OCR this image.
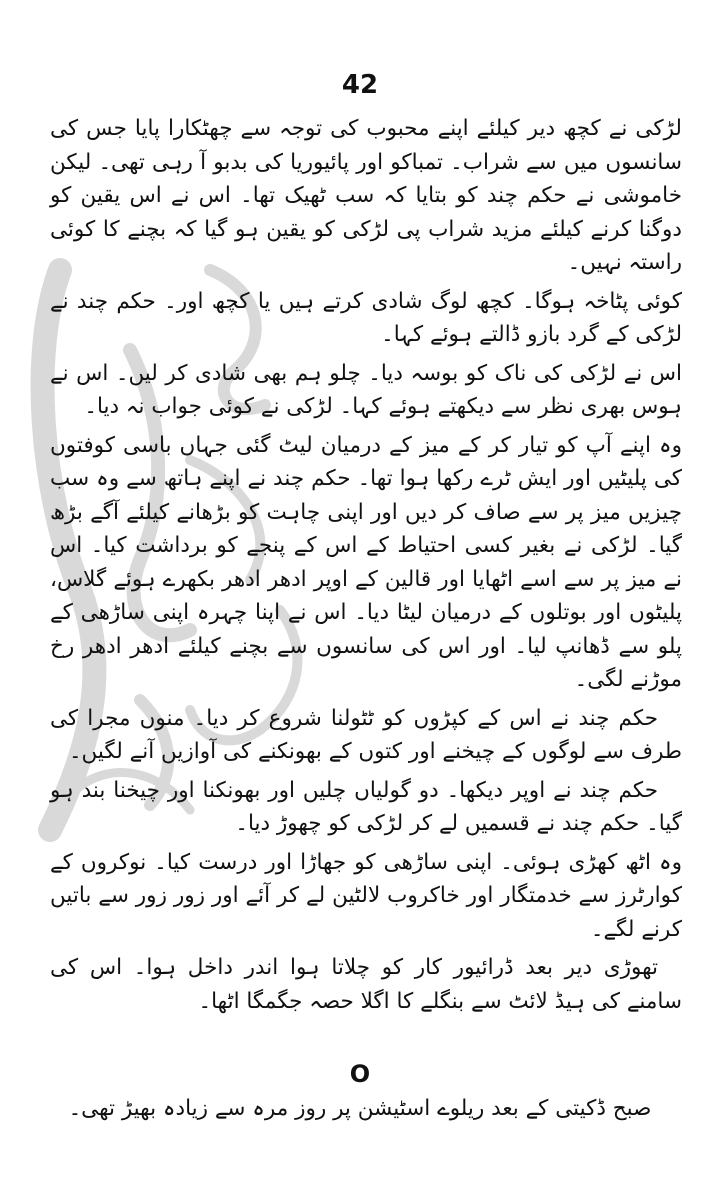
42

لڑکی نے کچھ دیر کیلئے اپنے محبوب کی توجہ سے چھٹکارا پایا جس کی سانسوں میں سے شراب۔ تمباکو اور پائیوریا کی بدبو آ رہی تھی۔ لیکن خاموشی نے حکم چند کو بتایا کہ سب ٹھیک تھا۔ اس نے اس یقین کو دوگنا کرنے کیلئے مزید شراب پی لڑکی کو یقین ہو گیا کہ بچنے کا کوئی راستہ نہیں۔

کوئی پٹاخہ ہوگا۔ کچھ لوگ شادی کرتے ہیں یا کچھ اور۔ حکم چند نے لڑکی کے گرد بازو ڈالتے ہوئے کہا۔

اس نے لڑکی کی ناک کو بوسہ دیا۔ چلو ہم بھی شادی کر لیں۔ اس نے ہوس بھری نظر سے دیکھتے ہوئے کہا۔ لڑکی نے کوئی جواب نہ دیا۔

وہ اپنے آپ کو تیار کر کے میز کے درمیان لیٹ گئی جہاں باسی کوفتوں کی پلیٹیں اور ایش ٹرے رکھا ہوا تھا۔ حکم چند نے اپنے ہاتھ سے وہ سب چیزیں میز پر سے صاف کر دیں اور اپنی چاہت کو بڑھانے کیلئے آگے بڑھ گیا۔ لڑکی نے بغیر کسی احتیاط کے اس کے پنجے کو برداشت کیا۔ اس نے میز پر سے اسے اٹھایا اور قالین کے اوپر ادھر ادھر بکھرے ہوئے گلاس، پلیٹوں اور بوتلوں کے درمیان لیٹا دیا۔ اس نے اپنا چہرہ اپنی ساڑھی کے پلو سے ڈھانپ لیا۔ اور اس کی سانسوں سے بچنے کیلئے ادھر ادھر رخ موڑنے لگی۔

حکم چند نے اس کے کپڑوں کو ٹٹولنا شروع کر دیا۔ منوں مجرا کی طرف سے لوگوں کے چیخنے اور کتوں کے بھونکنے کی آوازیں آنے لگیں۔

حکم چند نے اوپر دیکھا۔ دو گولیاں چلیں اور بھونکنا اور چیخنا بند ہو گیا۔ حکم چند نے قسمیں لے کر لڑکی کو چھوڑ دیا۔

وہ اٹھ کھڑی ہوئی۔ اپنی ساڑھی کو جھاڑا اور درست کیا۔ نوکروں کے کوارٹرز سے خدمتگار اور خاکروب لالٹین لے کر آئے اور زور زور سے باتیں کرنے لگے۔

تھوڑی دیر بعد ڈرائیور کار کو چلاتا ہوا اندر داخل ہوا۔ اس کی سامنے کی ہیڈ لائٹ سے بنگلے کا اگلا حصہ جگمگا اٹھا۔

O
صبح ڈکیتی کے بعد ریلوے اسٹیشن پر روز مرہ سے زیادہ بھیڑ تھی۔
